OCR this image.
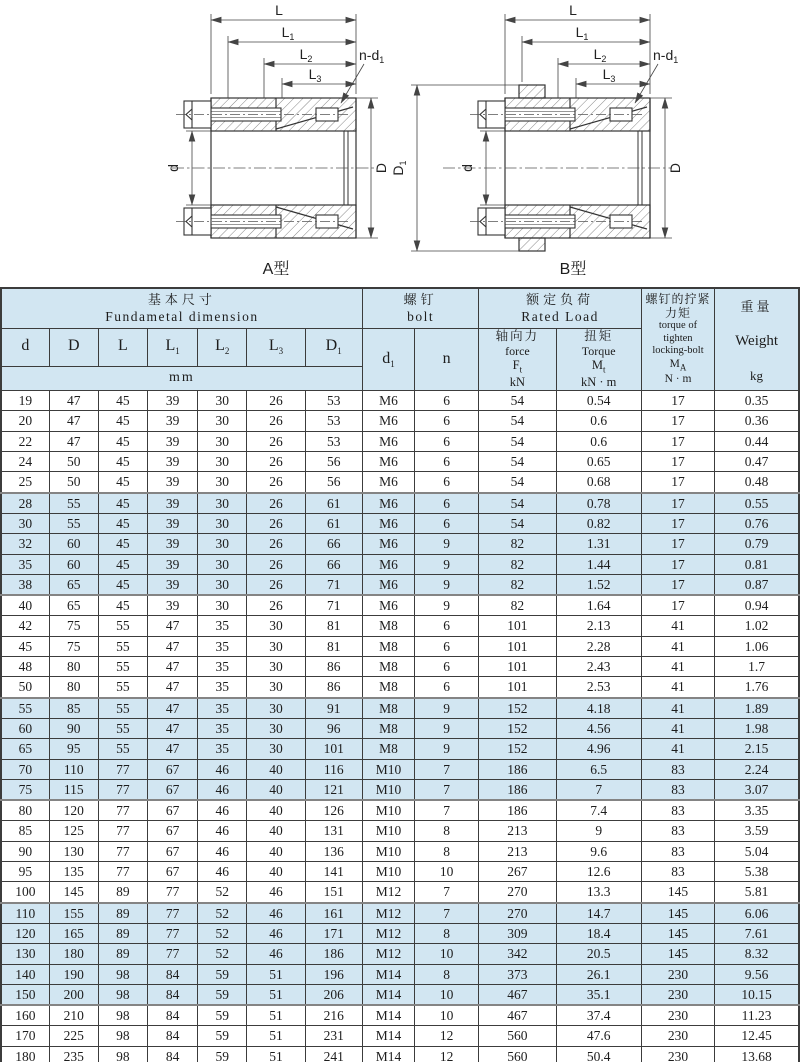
L
$L_1$
$L_2$
$L_3$
$n-d_1$
d	D
A型
L
$L_1$
$L_2$
$L_3$
$n-d_1$
d	D
$D_1$
B型
基本尺寸
Fundametal dimension

螺钉
bolt

额定负荷
Rated Load

螺钉的拧紧
力矩
torque of
tighten
locking-bolt
$M_A$
N · m

重量
Weight
kg

d	D	L	$L_1$	$L_2$	$L_3$	$D_1$	$d_1$	n	
轴向力
force
$F_t$
kN

扭矩
Torque
$M_t$
kN · m

mm												
19	47	45	39	30	26	53	M6	6	54	0.54	17	0.35
20	47	45	39	30	26	53	M6	6	54	0.6	17	0.36
22	47	45	39	30	26	53	M6	6	54	0.6	17	0.44
24	50	45	39	30	26	56	M6	6	54	0.65	17	0.47
25	50	45	39	30	26	56	M6	6	54	0.68	17	0.48
28	55	45	39	30	26	61	M6	6	54	0.78	17	0.55
30	55	45	39	30	26	61	M6	6	54	0.82	17	0.76
32	60	45	39	30	26	66	M6	9	82	1.31	17	0.79
35	60	45	39	30	26	66	M6	9	82	1.44	17	0.81
38	65	45	39	30	26	71	M6	9	82	1.52	17	0.87
40	65	45	39	30	26	71	M6	9	82	1.64	17	0.94
42	75	55	47	35	30	81	M8	6	101	2.13	41	1.02
45	75	55	47	35	30	81	M8	6	101	2.28	41	1.06
48	80	55	47	35	30	86	M8	6	101	2.43	41	1.7
50	80	55	47	35	30	86	M8	6	101	2.53	41	1.76
55	85	55	47	35	30	91	M8	9	152	4.18	41	1.89
60	90	55	47	35	30	96	M8	9	152	4.56	41	1.98
65	95	55	47	35	30	101	M8	9	152	4.96	41	2.15
70	110	77	67	46	40	116	M10	7	186	6.5	83	2.24
75	115	77	67	46	40	121	M10	7	186	7	83	3.07
80	120	77	67	46	40	126	M10	7	186	7.4	83	3.35
85	125	77	67	46	40	131	M10	8	213	9	83	3.59
90	130	77	67	46	40	136	M10	8	213	9.6	83	5.04
95	135	77	67	46	40	141	M10	10	267	12.6	83	5.38
100	145	89	77	52	46	151	M12	7	270	13.3	145	5.81
110	155	89	77	52	46	161	M12	7	270	14.7	145	6.06
120	165	89	77	52	46	171	M12	8	309	18.4	145	7.61
130	180	89	77	52	46	186	M12	10	342	20.5	145	8.32
140	190	98	84	59	51	196	M14	8	373	26.1	230	9.56
150	200	98	84	59	51	206	M14	10	467	35.1	230	10.15
160	210	98	84	59	51	216	M14	10	467	37.4	230	11.23
170	225	98	84	59	51	231	M14	12	560	47.6	230	12.45
180	235	98	84	59	51	241	M14	12	560	50.4	230	13.68
